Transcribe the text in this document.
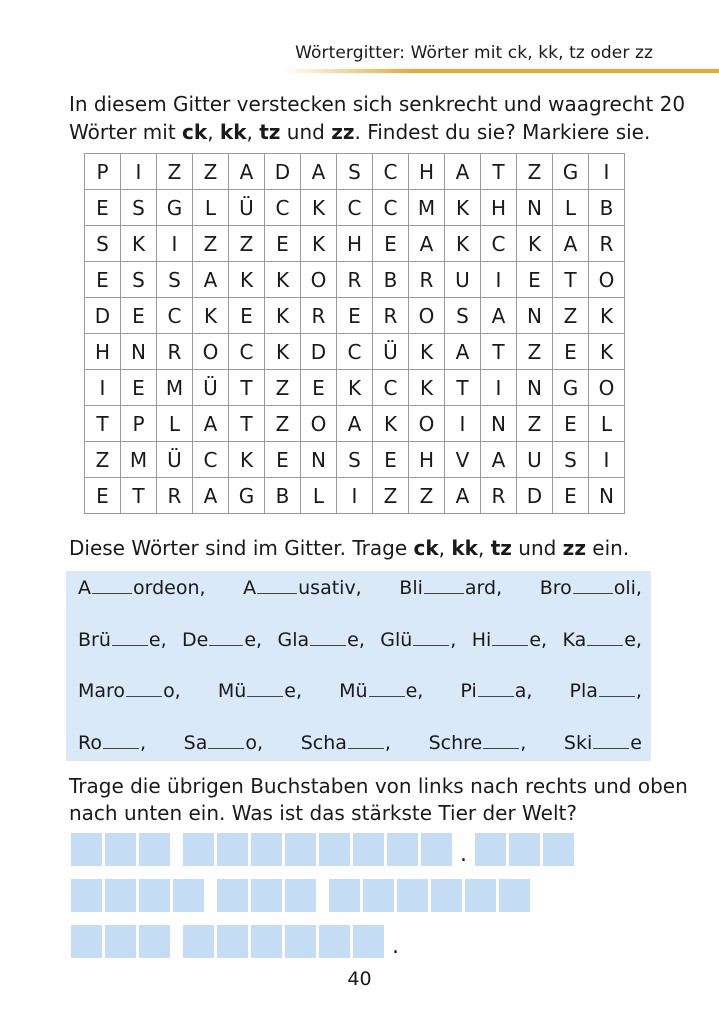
Wörtergitter: Wörter mit ck, kk, tz oder zz

In diesem Gitter verstecken sich senkrecht und waagrecht 20 Wörter mit ck, kk, tz und zz. Findest du sie? Markiere sie.

P	I	Z	Z	A	D	A	S	C	H	A	T	Z	G	I
E	S	G	L	Ü	C	K	C	C	M	K	H	N	L	B
S	K	I	Z	Z	E	K	H	E	A	K	C	K	A	R
E	S	S	A	K	K	O	R	B	R	U	I	E	T	O
D	E	C	K	E	K	R	E	R	O	S	A	N	Z	K
H	N	R	O	C	K	D	C	Ü	K	A	T	Z	E	K
I	E	M	Ü	T	Z	E	K	C	K	T	I	N	G	O
T	P	L	A	T	Z	O	A	K	O	I	N	Z	E	L
Z	M	Ü	C	K	E	N	S	E	H	V	A	U	S	I
E	T	R	A	G	B	L	I	Z	Z	A	R	D	E	N

Diese Wörter sind im Gitter. Trage ck, kk, tz und zz ein.

A ordeon, A usativ, Bli ard, Bro oli,
Brü e, De e, Gla e, Glü , Hi e, Ka e,
Maro o, Mü e, Mü e, Pi a, Pla ,
Ro , Sa o, Scha , Schre , Ski e

Trage die übrigen Buchstaben von links nach rechts und oben nach unten ein. Was ist das stärkste Tier der Welt?

.
.
40
